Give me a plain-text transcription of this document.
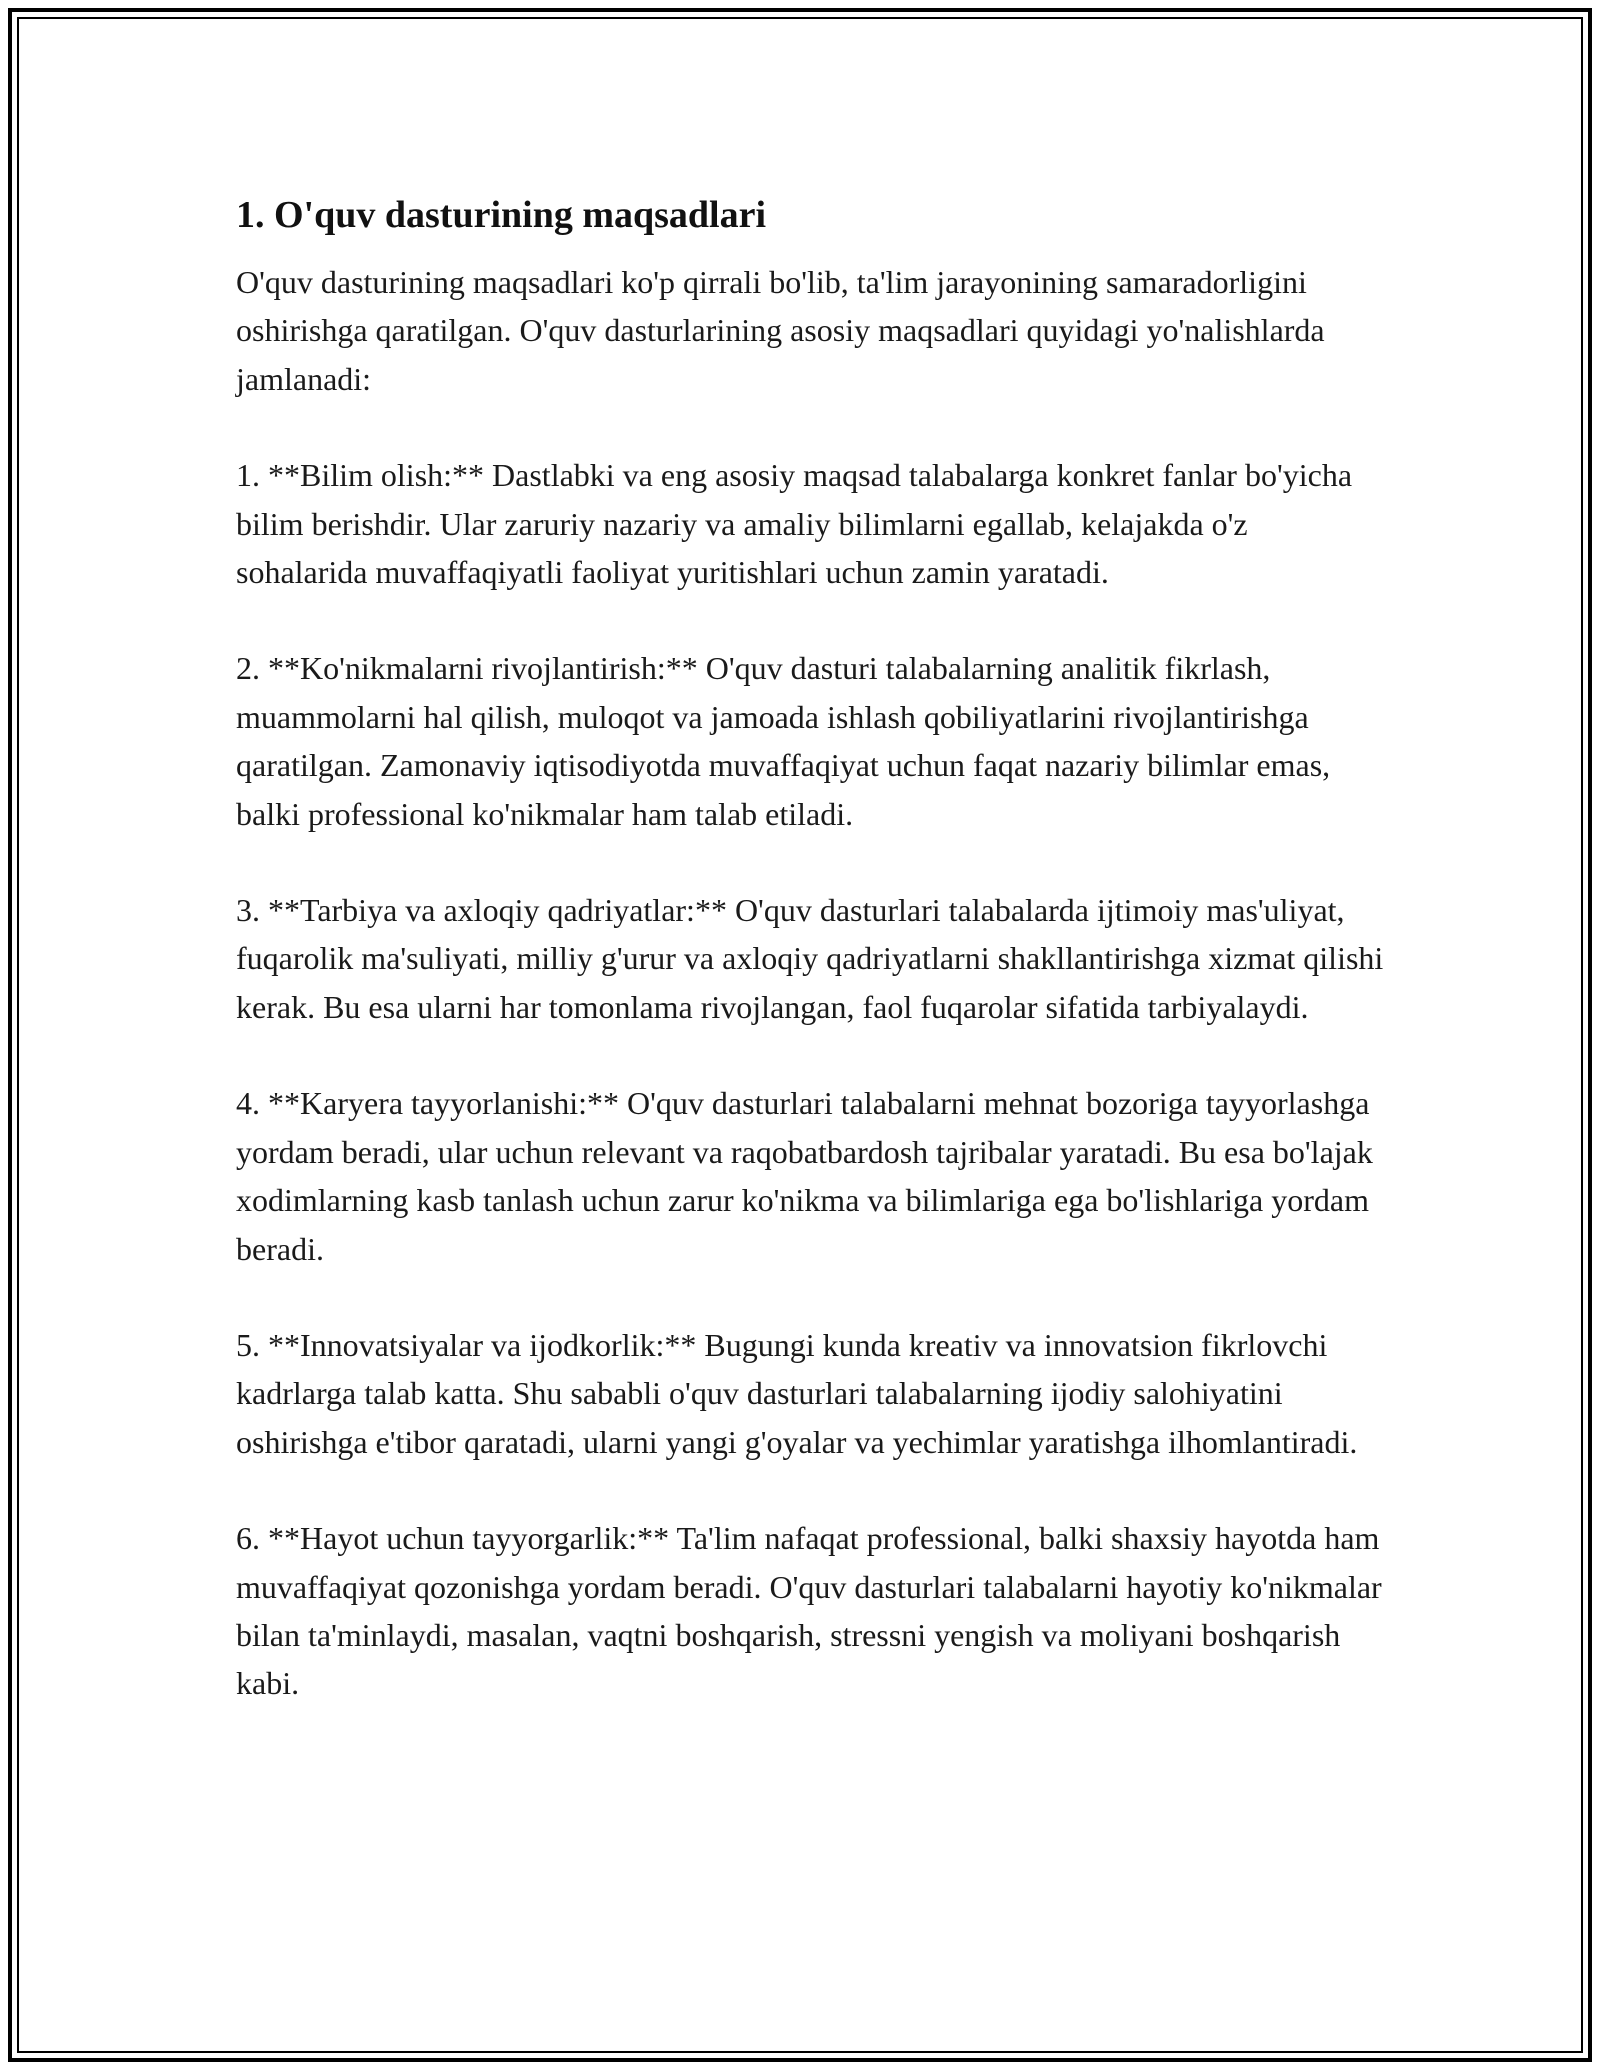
1. O'quv dasturining maqsadlari

O'quv dasturining maqsadlari ko'p qirrali bo'lib, ta'lim jarayonining samaradorligini oshirishga qaratilgan. O'quv dasturlarining asosiy maqsadlari quyidagi yo'nalishlarda jamlanadi:

1. **Bilim olish:** Dastlabki va eng asosiy maqsad talabalarga konkret fanlar bo'yicha bilim berishdir. Ular zaruriy nazariy va amaliy bilimlarni egallab, kelajakda o'z sohalarida muvaffaqiyatli faoliyat yuritishlari uchun zamin yaratadi.

2. **Ko'nikmalarni rivojlantirish:** O'quv dasturi talabalarning analitik fikrlash, muammolarni hal qilish, muloqot va jamoada ishlash qobiliyatlarini rivojlantirishga qaratilgan. Zamonaviy iqtisodiyotda muvaffaqiyat uchun faqat nazariy bilimlar emas, balki professional ko'nikmalar ham talab etiladi.

3. **Tarbiya va axloqiy qadriyatlar:** O'quv dasturlari talabalarda ijtimoiy mas'uliyat, fuqarolik ma'suliyati, milliy g'urur va axloqiy qadriyatlarni shakllantirishga xizmat qilishi kerak. Bu esa ularni har tomonlama rivojlangan, faol fuqarolar sifatida tarbiyalaydi.

4. **Karyera tayyorlanishi:** O'quv dasturlari talabalarni mehnat bozoriga tayyorlashga yordam beradi, ular uchun relevant va raqobatbardosh tajribalar yaratadi. Bu esa bo'lajak xodimlarning kasb tanlash uchun zarur ko'nikma va bilimlariga ega bo'lishlariga yordam beradi.

5. **Innovatsiyalar va ijodkorlik:** Bugungi kunda kreativ va innovatsion fikrlovchi kadrlarga talab katta. Shu sababli o'quv dasturlari talabalarning ijodiy salohiyatini oshirishga e'tibor qaratadi, ularni yangi g'oyalar va yechimlar yaratishga ilhomlantiradi.

6. **Hayot uchun tayyorgarlik:** Ta'lim nafaqat professional, balki shaxsiy hayotda ham muvaffaqiyat qozonishga yordam beradi. O'quv dasturlari talabalarni hayotiy ko'nikmalar bilan ta'minlaydi, masalan, vaqtni boshqarish, stressni yengish va moliyani boshqarish kabi.
